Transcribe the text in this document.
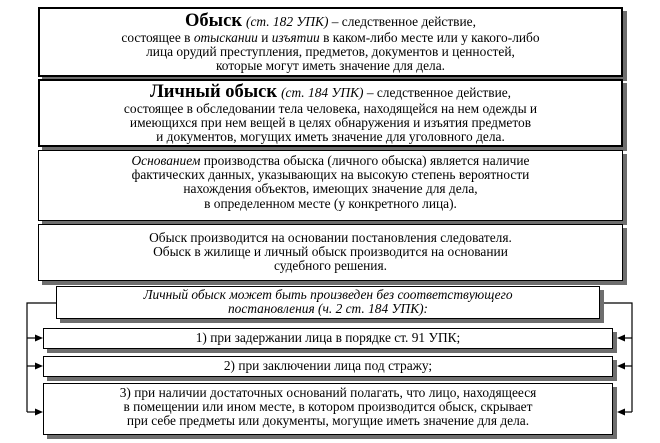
Обыск (ст. 182 УПК) – следственное действие,
состоящее в отыскании и изъятии в каком-либо месте или у какого-либо
лица орудий преступления, предметов, документов и ценностей,
которые могут иметь значение для дела.
Личный обыск (ст. 184 УПК) – следственное действие,
состоящее в обследовании тела человека, находящейся на нем одежды и
имеющихся при нем вещей в целях обнаружения и изъятия предметов
и документов, могущих иметь значение для уголовного дела.
Основанием производства обыска (личного обыска) является наличие
фактических данных, указывающих на высокую степень вероятности
нахождения объектов, имеющих значение для дела,
в определенном месте (у конкретного лица).
Обыск производится на основании постановления следователя.
Обыск в жилище и личный обыск производится на основании
судебного решения.
Личный обыск может быть произведен без соответствующего
постановления (ч. 2 ст. 184 УПК):
1) при задержании лица в порядке ст. 91 УПК;
2) при заключении лица под стражу;
3) при наличии достаточных оснований полагать, что лицо, находящееся
в помещении или ином месте, в котором производится обыск, скрывает
при себе предметы или документы, могущие иметь значение для дела.
